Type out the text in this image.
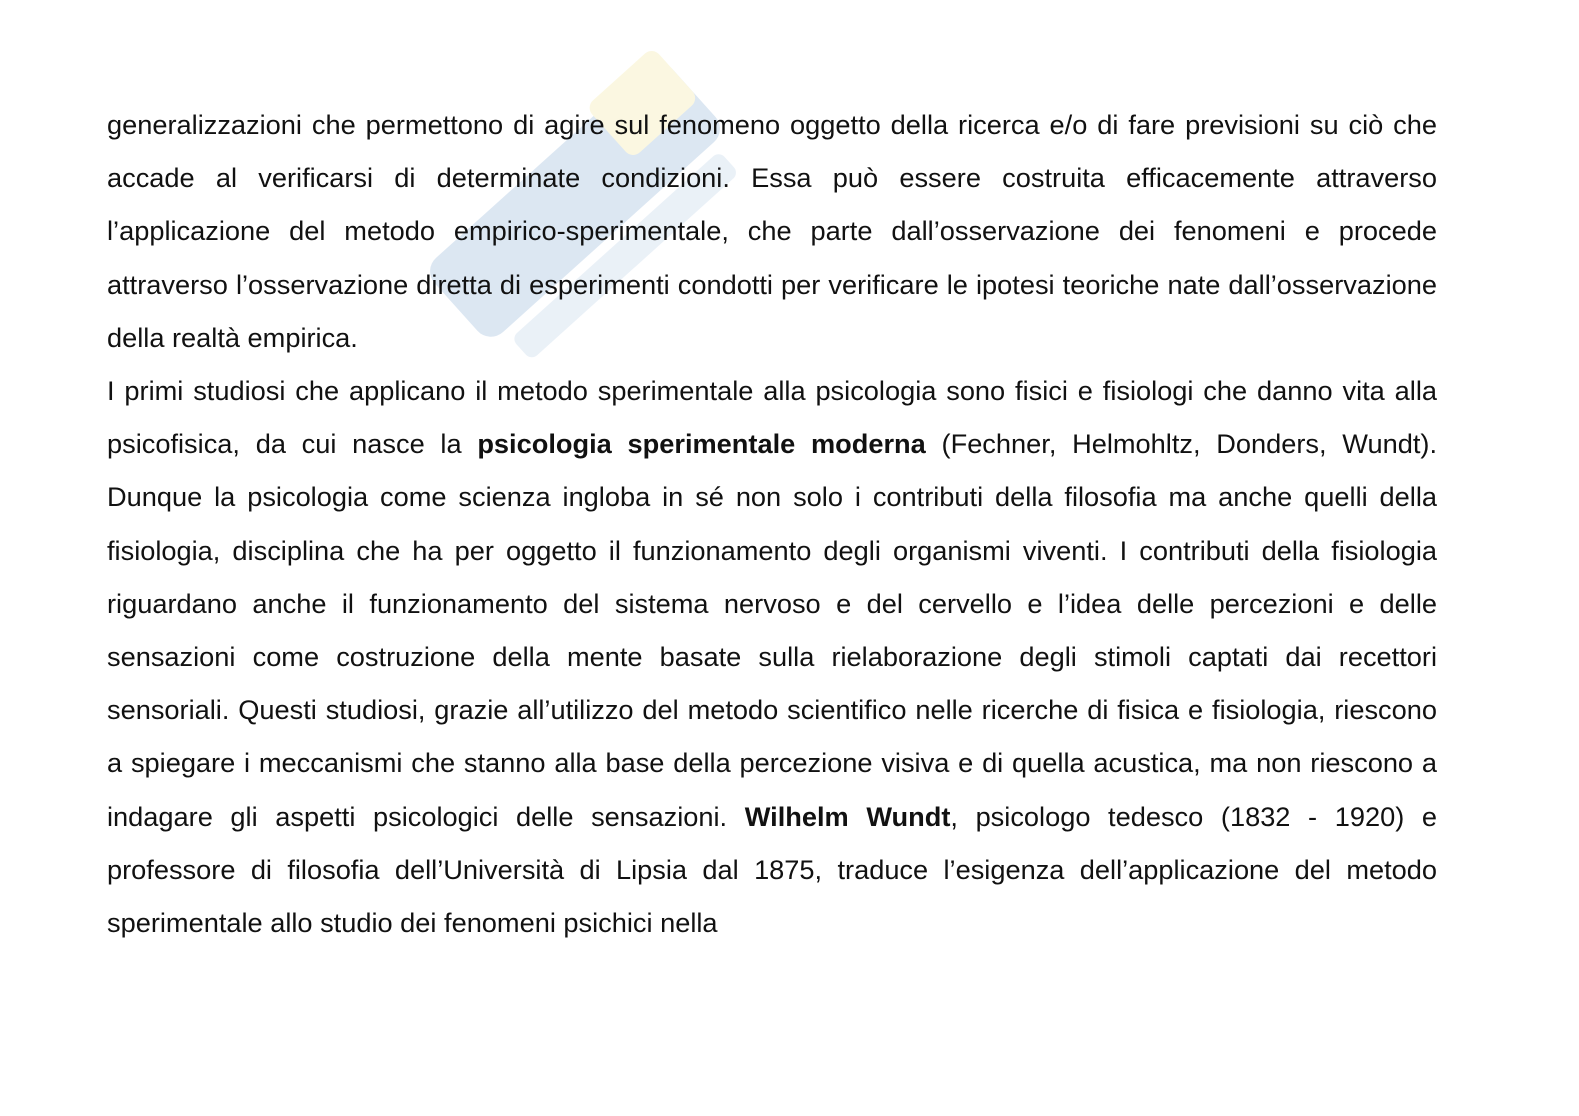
generalizzazioni che permettono di agire sul fenomeno oggetto della ricerca e/o di fare previsioni su ciò che accade al verificarsi di determinate condizioni. Essa può essere costruita efficacemente attraverso l’applicazione del metodo empirico-sperimentale, che parte dall’osservazione dei fenomeni e procede attraverso l’osservazione diretta di esperimenti condotti per verificare le ipotesi teoriche nate dall’osservazione della realtà empirica.

I primi studiosi che applicano il metodo sperimentale alla psicologia sono fisici e fisiologi che danno vita alla psicofisica, da cui nasce la psicologia sperimentale moderna (Fechner, Helmohltz, Donders, Wundt). Dunque la psicologia come scienza ingloba in sé non solo i contributi della filosofia ma anche quelli della fisiologia, disciplina che ha per oggetto il funzionamento degli organismi viventi. I contributi della fisiologia riguardano anche il funzionamento del sistema nervoso e del cervello e l’idea delle percezioni e delle sensazioni come costruzione della mente basate sulla rielaborazione degli stimoli captati dai recettori sensoriali. Questi studiosi, grazie all’utilizzo del metodo scientifico nelle ricerche di fisica e fisiologia, riescono a spiegare i meccanismi che stanno alla base della percezione visiva e di quella acustica, ma non riescono a indagare gli aspetti psicologici delle sensazioni. Wilhelm Wundt, psicologo tedesco (1832 - 1920) e professore di filosofia dell’Università di Lipsia dal 1875, traduce l’esigenza dell’applicazione del metodo sperimentale allo studio dei fenomeni psichici nella
